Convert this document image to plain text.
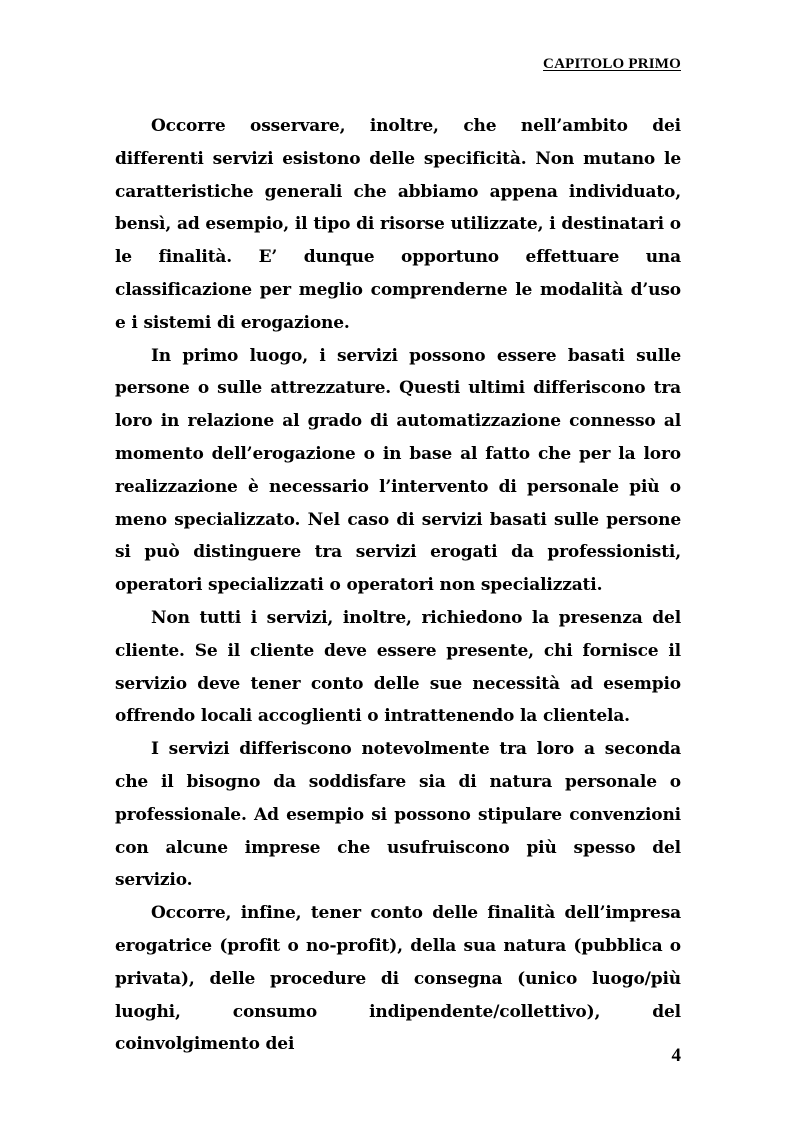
CAPITOLO PRIMO

Occorre osservare, inoltre, che nell’ambito dei differenti servizi esistono delle specificità. Non mutano le caratteristiche generali che abbiamo appena individuato, bensì, ad esempio, il tipo di risorse utilizzate, i destinatari o le finalità. E’ dunque opportuno effettuare una classificazione per meglio comprenderne le modalità d’uso e i sistemi di erogazione.

In primo luogo, i servizi possono essere basati sulle persone o sulle attrezzature. Questi ultimi differiscono tra loro in relazione al grado di automatizzazione connesso al momento dell’erogazione o in base al fatto che per la loro realizzazione è necessario l’intervento di personale più o meno specializzato. Nel caso di servizi basati sulle persone si può distinguere tra servizi erogati da professionisti, operatori specializzati o operatori non specializzati.

Non tutti i servizi, inoltre, richiedono la presenza del cliente. Se il cliente deve essere presente, chi fornisce il servizio deve tener conto delle sue necessità ad esempio offrendo locali accoglienti o intrattenendo la clientela.

I servizi differiscono notevolmente tra loro a seconda che il bisogno da soddisfare sia di natura personale o professionale. Ad esempio si possono stipulare convenzioni con alcune imprese che usufruiscono più spesso del servizio.

Occorre, infine, tener conto delle finalità dell’impresa erogatrice (profit o no-profit), della sua natura (pubblica o privata), delle procedure di consegna (unico luogo/più luoghi, consumo indipendente/collettivo), del coinvolgimento dei

4
